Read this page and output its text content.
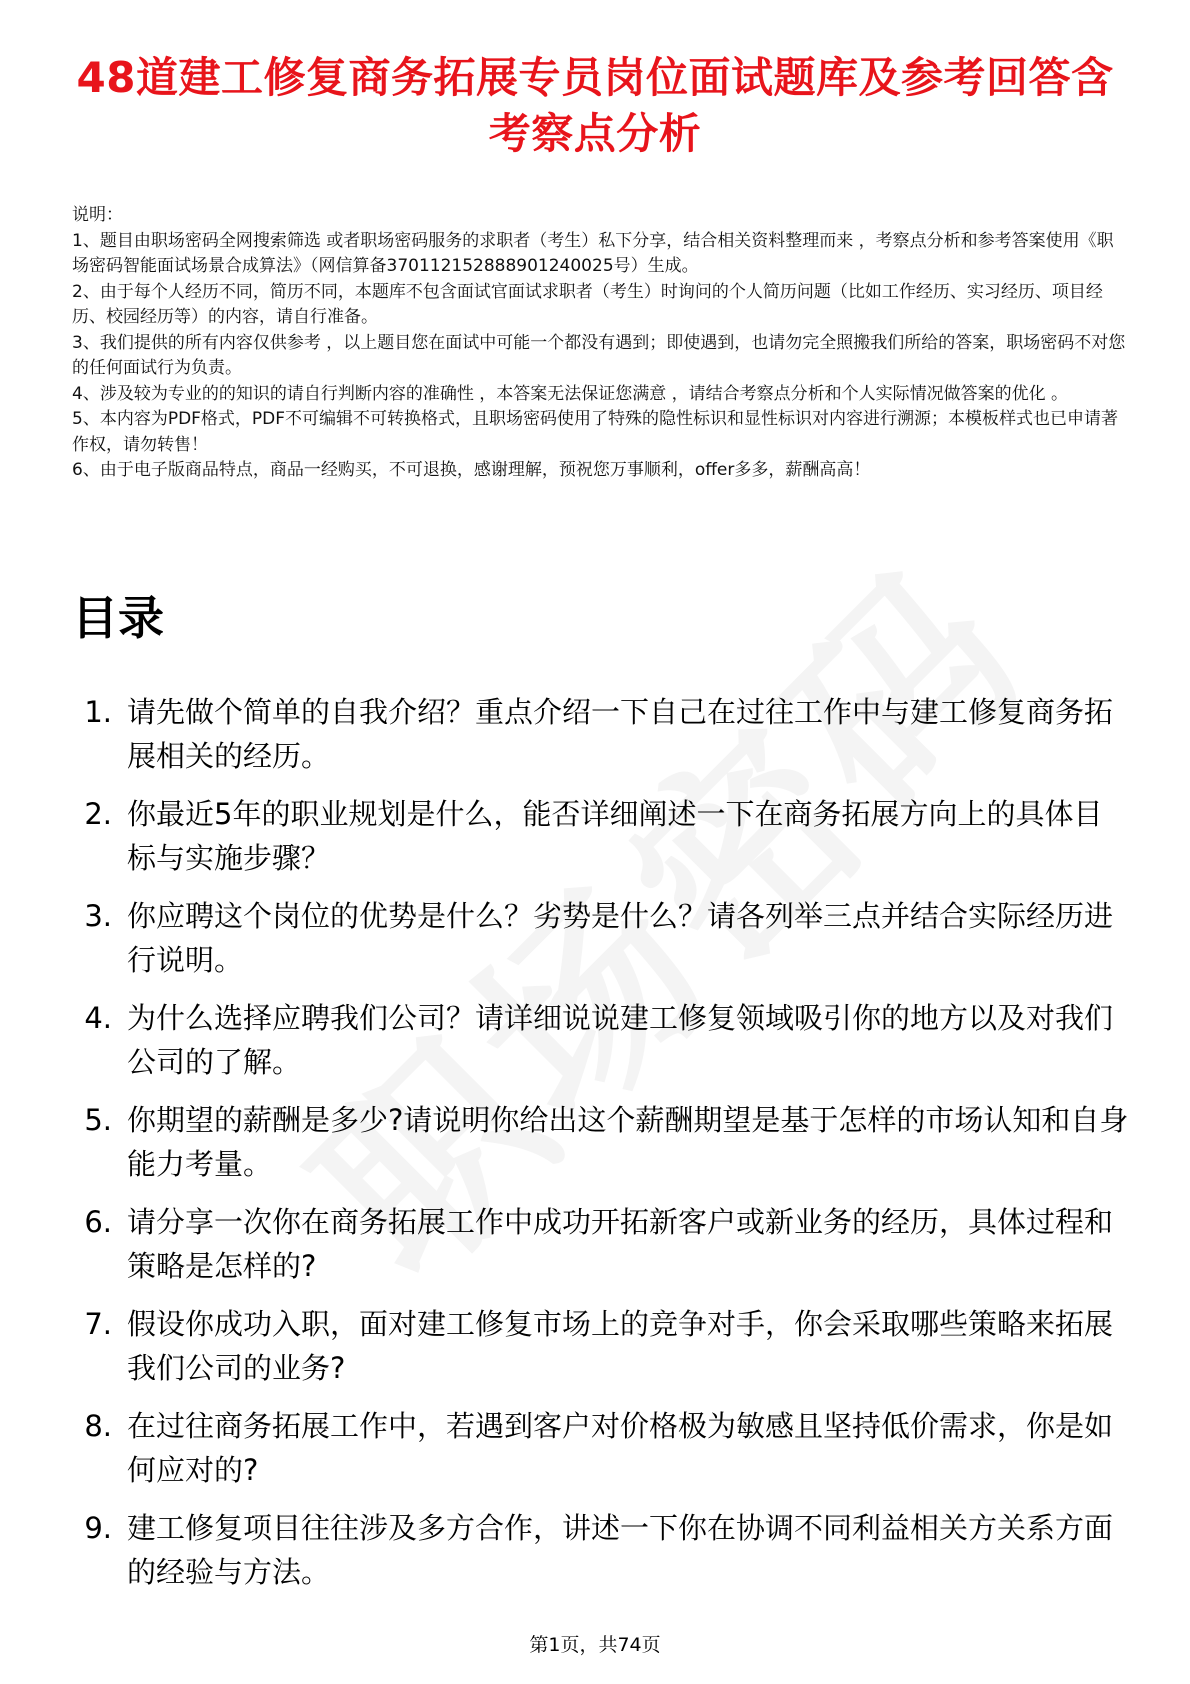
48道建工修复商务拓展专员岗位面试题库及参考回答含考察点分析

说明：

1、题目由职场密码全网搜索筛选 或者职场密码服务的求职者（考生）私下分享，结合相关资料整理而来 ，考察点分析和参考答案使用《职场密码智能面试场景合成算法》（网信算备370112152888901240025号）生成。

2、由于每个人经历不同，简历不同，本题库不包含面试官面试求职者（考生）时询问的个人简历问题（比如工作经历、实习经历、项目经历、校园经历等）的内容，请自行准备。

3、我们提供的所有内容仅供参考 ，以上题目您在面试中可能一个都没有遇到；即使遇到，也请勿完全照搬我们所给的答案，职场密码不对您的任何面试行为负责。

4、涉及较为专业的的知识的请自行判断内容的准确性 ，本答案无法保证您满意 ，请结合考察点分析和个人实际情况做答案的优化 。

5、本内容为PDF格式，PDF不可编辑不可转换格式，且职场密码使用了特殊的隐性标识和显性标识对内容进行溯源；本模板样式也已申请著作权，请勿转售！

6、由于电子版商品特点，商品一经购买，不可退换，感谢理解，预祝您万事顺利，offer多多，薪酬高高！

目录
1. 请先做个简单的自我介绍？重点介绍一下自己在过往工作中与建工修复商务拓展相关的经历。
2. 你最近5年的职业规划是什么，能否详细阐述一下在商务拓展方向上的具体目标与实施步骤？
3. 你应聘这个岗位的优势是什么？劣势是什么？请各列举三点并结合实际经历进行说明。
4. 为什么选择应聘我们公司？请详细说说建工修复领域吸引你的地方以及对我们公司的了解。
5. 你期望的薪酬是多少?请说明你给出这个薪酬期望是基于怎样的市场认知和自身能力考量。
6. 请分享一次你在商务拓展工作中成功开拓新客户或新业务的经历，具体过程和策略是怎样的?
7. 假设你成功入职，面对建工修复市场上的竞争对手，你会采取哪些策略来拓展我们公司的业务?
8. 在过往商务拓展工作中，若遇到客户对价格极为敏感且坚持低价需求，你是如何应对的?
9. 建工修复项目往往涉及多方合作，讲述一下你在协调不同利益相关方关系方面的经验与方法。
第1页，共74页
